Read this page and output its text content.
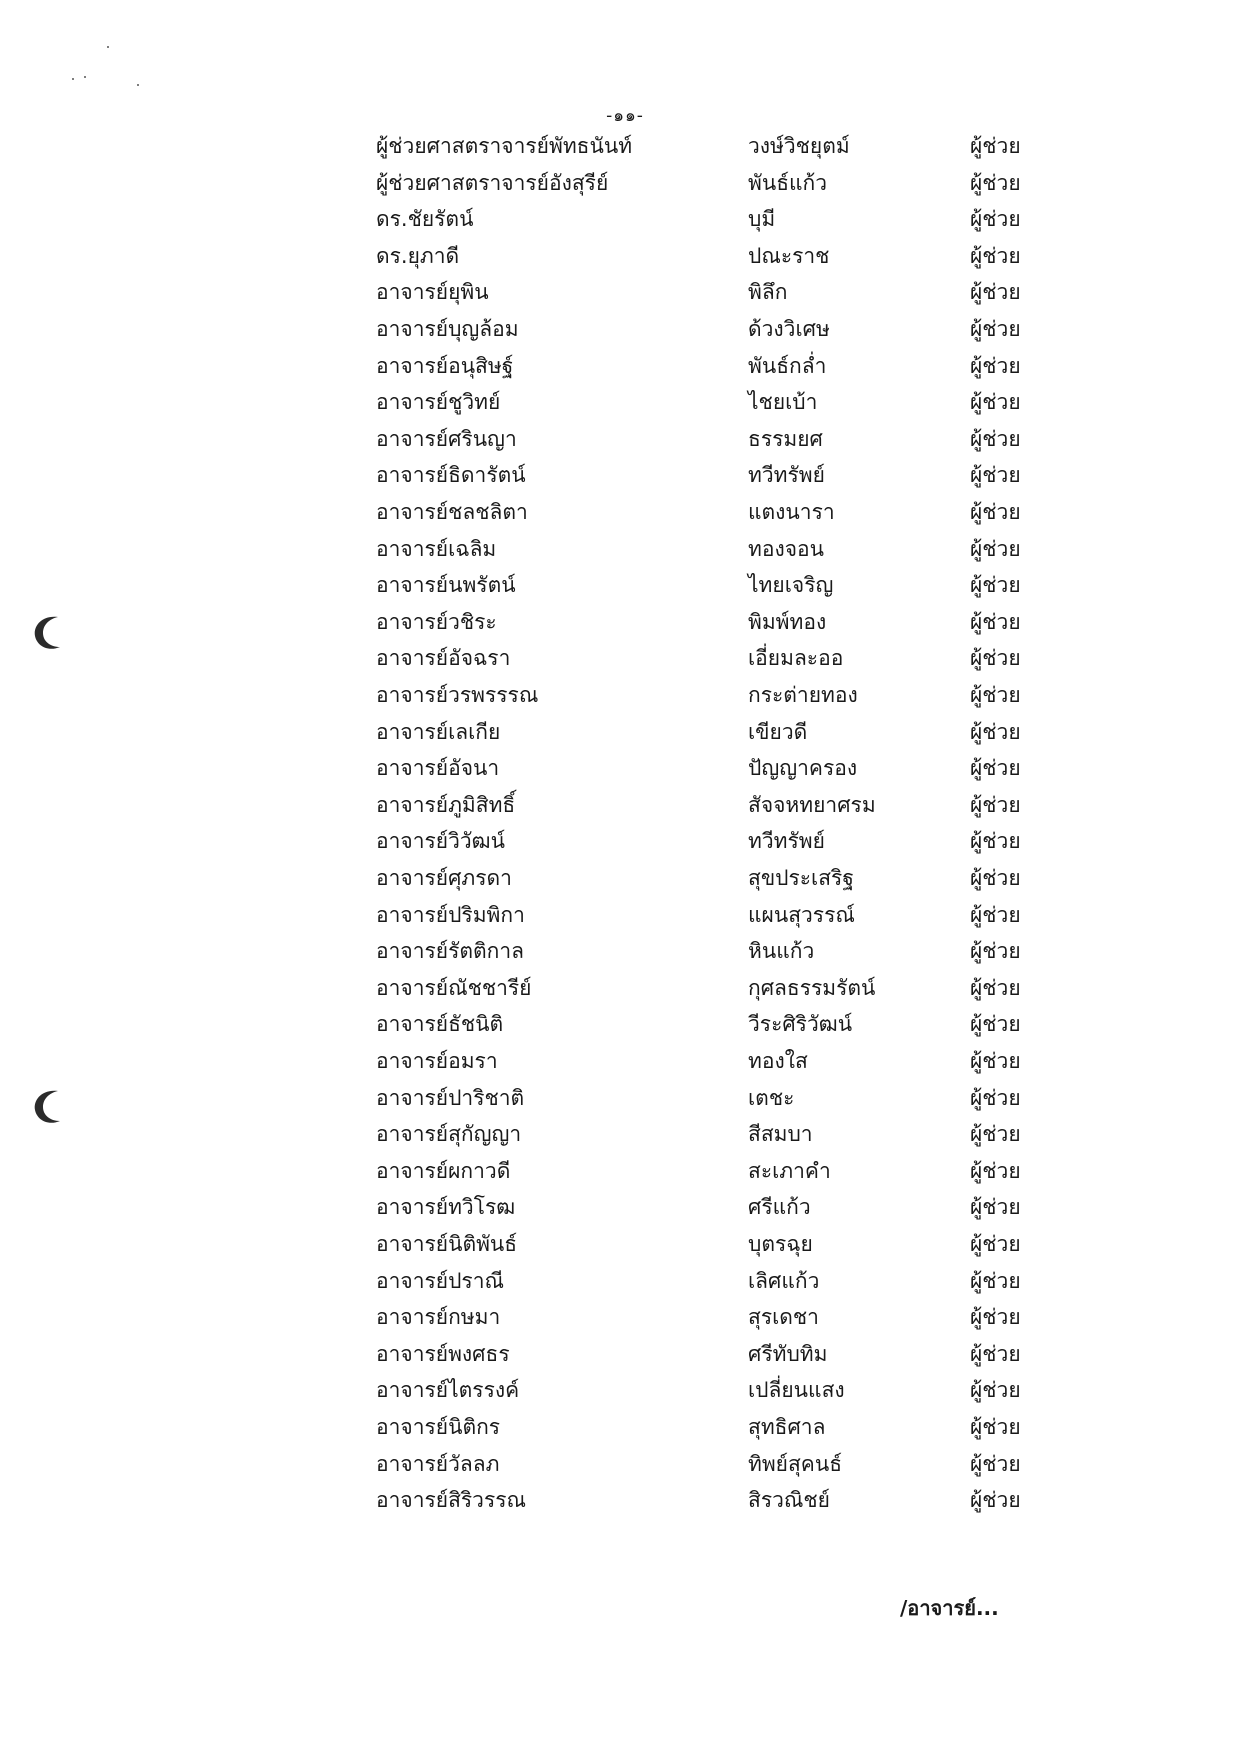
-๑๑-
ผู้ช่วยศาสตราจารย์พัทธนันท์	วงษ์วิชยุตม์	ผู้ช่วย
ผู้ช่วยศาสตราจารย์อังสุรีย์	พันธ์แก้ว	ผู้ช่วย
ดร.ชัยรัตน์	บุมี	ผู้ช่วย
ดร.ยุภาดี	ปณะราช	ผู้ช่วย
อาจารย์ยุพิน	พิลึก	ผู้ช่วย
อาจารย์บุญล้อม	ด้วงวิเศษ	ผู้ช่วย
อาจารย์อนุสิษฐ์	พันธ์กล่ำ	ผู้ช่วย
อาจารย์ชูวิทย์	ไชยเบ้า	ผู้ช่วย
อาจารย์ศรินญา	ธรรมยศ	ผู้ช่วย
อาจารย์ธิดารัตน์	ทวีทรัพย์	ผู้ช่วย
อาจารย์ชลชลิตา	แตงนารา	ผู้ช่วย
อาจารย์เฉลิม	ทองจอน	ผู้ช่วย
อาจารย์นพรัตน์	ไทยเจริญ	ผู้ช่วย
อาจารย์วชิระ	พิมพ์ทอง	ผู้ช่วย
อาจารย์อัจฉรา	เอี่ยมละออ	ผู้ช่วย
อาจารย์วรพรรรณ	กระต่ายทอง	ผู้ช่วย
อาจารย์เลเกีย	เขียวดี	ผู้ช่วย
อาจารย์อัจนา	ปัญญาครอง	ผู้ช่วย
อาจารย์ภูมิสิทธิ์	สัจจหทยาศรม	ผู้ช่วย
อาจารย์วิวัฒน์	ทวีทรัพย์	ผู้ช่วย
อาจารย์ศุภรดา	สุขประเสริฐ	ผู้ช่วย
อาจารย์ปริมพิกา	แผนสุวรรณ์	ผู้ช่วย
อาจารย์รัตติกาล	หินแก้ว	ผู้ช่วย
อาจารย์ณัชชารีย์	กุศลธรรมรัตน์	ผู้ช่วย
อาจารย์ธัชนิติ	วีระศิริวัฒน์	ผู้ช่วย
อาจารย์อมรา	ทองใส	ผู้ช่วย
อาจารย์ปาริชาติ	เตชะ	ผู้ช่วย
อาจารย์สุกัญญา	สีสมบา	ผู้ช่วย
อาจารย์ผกาวดี	สะเภาคำ	ผู้ช่วย
อาจารย์ทวิโรฒ	ศรีแก้ว	ผู้ช่วย
อาจารย์นิติพันธ์	บุตรฉุย	ผู้ช่วย
อาจารย์ปราณี	เลิศแก้ว	ผู้ช่วย
อาจารย์กษมา	สุรเดชา	ผู้ช่วย
อาจารย์พงศธร	ศรีทับทิม	ผู้ช่วย
อาจารย์ไตรรงค์	เปลี่ยนแสง	ผู้ช่วย
อาจารย์นิติกร	สุทธิศาล	ผู้ช่วย
อาจารย์วัลลภ	ทิพย์สุคนธ์	ผู้ช่วย
อาจารย์สิริวรรณ	สิรวณิชย์	ผู้ช่วย
/อาจารย์...
